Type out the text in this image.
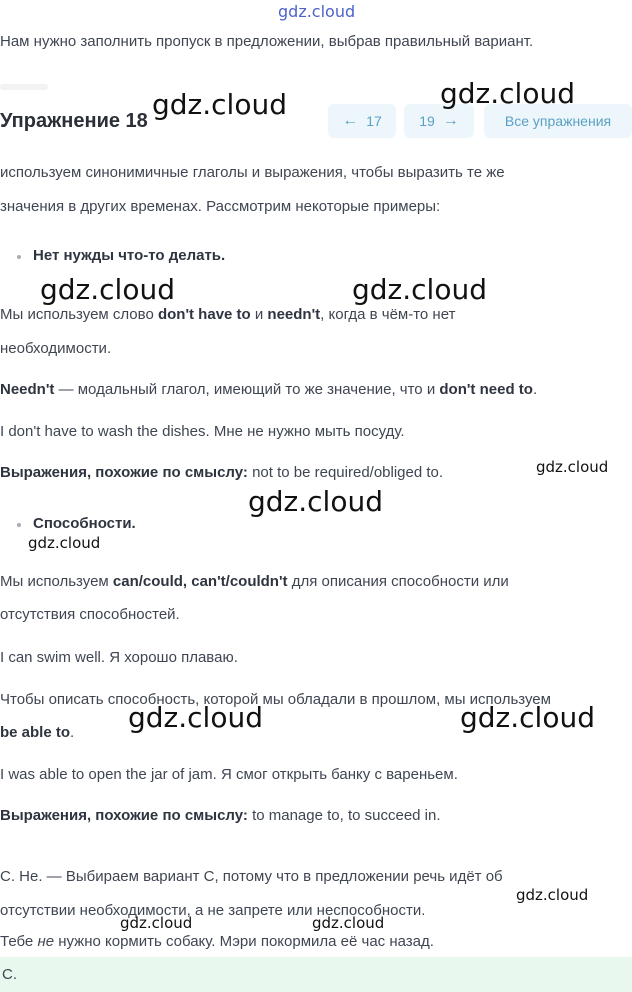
gdz.cloud
Нам нужно заполнить пропуск в предложении, выбрав правильный вариант.
Упражнение 18	← 17	19 →	Все упражнения
используем синонимичные глаголы и выражения, чтобы выразить те же
значения в других временах. Рассмотрим некоторые примеры:
Нет нужды что-то делать.
Мы используем слово don't have to и needn't, когда в чём-то нет
необходимости.
Needn't — модальный глагол, имеющий то же значение, что и don't need to.
I don't have to wash the dishes. Мне не нужно мыть посуду.
Выражения, похожие по смыслу: not to be required/obliged to.
Способности.
Мы используем can/could, can't/couldn't для описания способности или
отсутствия способностей.
I can swim well. Я хорошо плаваю.
Чтобы описать способность, которой мы обладали в прошлом, мы используем
be able to.
I was able to open the jar of jam. Я смог открыть банку с вареньем.
Выражения, похожие по смыслу: to manage to, to succeed in.
C. Не. — Выбираем вариант C, потому что в предложении речь идёт об
отсутствии необходимости, а не запрете или неспособности.
Тебе не нужно кормить собаку. Мэри покормила её час назад.
C.
gdz.cloud	gdz.cloud
gdz.cloud	gdz.cloud
gdz.cloud
gdz.cloud
gdz.cloud
gdz.cloud	gdz.cloud
gdz.cloud
gdz.cloud	gdz.cloud
